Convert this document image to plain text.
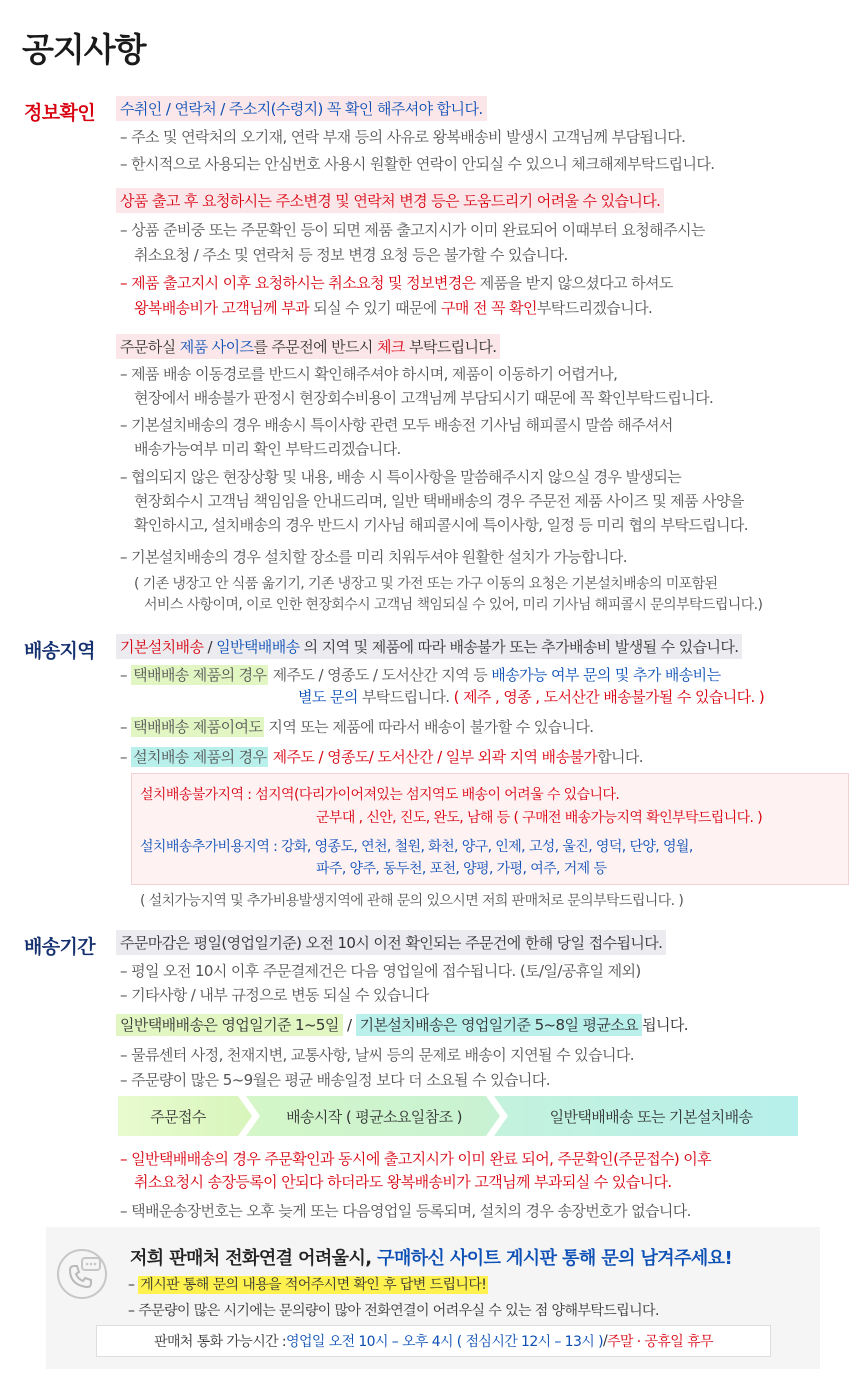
공지사항
정보확인 수취인 / 연락처 / 주소지(수령지) 꼭 확인 해주셔야 합니다.
– 주소 및 연락처의 오기재, 연락 부재 등의 사유로 왕복배송비 발생시 고객님께 부담됩니다.
– 한시적으로 사용되는 안심번호 사용시 원활한 연락이 안되실 수 있으니 체크해제부탁드립니다.
상품 출고 후 요청하시는 주소변경 및 연락처 변경 등은 도움드리기 어려울 수 있습니다.
– 상품 준비중 또는 주문확인 등이 되면 제품 출고지시가 이미 완료되어 이때부터 요청해주시는
취소요청 / 주소 및 연락처 등 정보 변경 요청 등은 불가할 수 있습니다.
– 제품 출고지시 이후 요청하시는 취소요청 및 정보변경은 제품을 받지 않으셨다고 하셔도
왕복배송비가 고객님께 부과 되실 수 있기 때문에 구매 전 꼭 확인부탁드리겠습니다.
주문하실 제품 사이즈를 주문전에 반드시 체크 부탁드립니다.
– 제품 배송 이동경로를 반드시 확인해주셔야 하시며, 제품이 이동하기 어렵거나,
현장에서 배송불가 판정시 현장회수비용이 고객님께 부담되시기 때문에 꼭 확인부탁드립니다.
– 기본설치배송의 경우 배송시 특이사항 관련 모두 배송전 기사님 해피콜시 말씀 해주셔서
배송가능여부 미리 확인 부탁드리겠습니다.
– 협의되지 않은 현장상황 및 내용, 배송 시 특이사항을 말씀해주시지 않으실 경우 발생되는
현장회수시 고객님 책임임을 안내드리며, 일반 택배배송의 경우 주문전 제품 사이즈 및 제품 사양을
확인하시고, 설치배송의 경우 반드시 기사님 해피콜시에 특이사항, 일정 등 미리 협의 부탁드립니다.
– 기본설치배송의 경우 설치할 장소를 미리 치워두셔야 원활한 설치가 가능합니다.
( 기존 냉장고 안 식품 옮기기, 기존 냉장고 및 가전 또는 가구 이동의 요청은 기본설치배송의 미포함된
서비스 사항이며, 이로 인한 현장회수시 고객님 책임되실 수 있어, 미리 기사님 해피콜시 문의부탁드립니다.)
배송지역 기본설치배송 / 일반택배배송 의 지역 및 제품에 따라 배송불가 또는 추가배송비 발생될 수 있습니다.
– 택배배송 제품의 경우 제주도 / 영종도 / 도서산간 지역 등 배송가능 여부 문의 및 추가 배송비는
별도 문의 부탁드립니다. ( 제주 , 영종 , 도서산간 배송불가될 수 있습니다. )
– 택배배송 제품이여도 지역 또는 제품에 따라서 배송이 불가할 수 있습니다.
– 설치배송 제품의 경우 제주도 / 영종도/ 도서산간 / 일부 외곽 지역 배송불가합니다.
설치배송불가지역 : 섬지역(다리가이어져있는 섬지역도 배송이 어려울 수 있습니다.
군부대 , 신안, 진도, 완도, 남해 등 ( 구매전 배송가능지역 확인부탁드립니다. )
설치배송추가비용지역 : 강화, 영종도, 연천, 철원, 화천, 양구, 인제, 고성, 울진, 영덕, 단양, 영월,
파주, 양주, 동두천, 포천, 양평, 가평, 여주, 거제 등
( 설치가능지역 및 추가비용발생지역에 관해 문의 있으시면 저희 판매처로 문의부탁드립니다. )
배송기간 주문마감은 평일(영업일기준) 오전 10시 이전 확인되는 주문건에 한해 당일 접수됩니다.
– 평일 오전 10시 이후 주문결제건은 다음 영업일에 접수됩니다. (토/일/공휴일 제외)
– 기타사항 / 내부 규정으로 변동 되실 수 있습니다
일반택배배송은 영업일기준 1~5일 / 기본설치배송은 영업일기준 5~8일 평균소요 됩니다.
– 물류센터 사정, 천재지변, 교통사항, 날씨 등의 문제로 배송이 지연될 수 있습니다.
– 주문량이 많은 5~9월은 평균 배송일정 보다 더 소요될 수 있습니다.
주문접수	배송시작 ( 평균소요일참조 )	일반택배배송 또는 기본설치배송
– 일반택배배송의 경우 주문확인과 동시에 출고지시가 이미 완료 되어, 주문확인(주문접수) 이후
취소요청시 송장등록이 안되다 하더라도 왕복배송비가 고객님께 부과되실 수 있습니다.
– 택배운송장번호는 오후 늦게 또는 다음영업일 등록되며, 설치의 경우 송장번호가 없습니다.
저희 판매처 전화연결 어려울시, 구매하신 사이트 게시판 통해 문의 남겨주세요!
– 게시판 통해 문의 내용을 적어주시면 확인 후 답변 드립니다!
– 주문량이 많은 시기에는 문의량이 많아 전화연결이 어려우실 수 있는 점 양해부탁드립니다.
판매처 통화 가능시간 : 영업일 오전 10시 – 오후 4시 ( 점심시간 12시 – 13시 ) / 주말 · 공휴일 휴무
